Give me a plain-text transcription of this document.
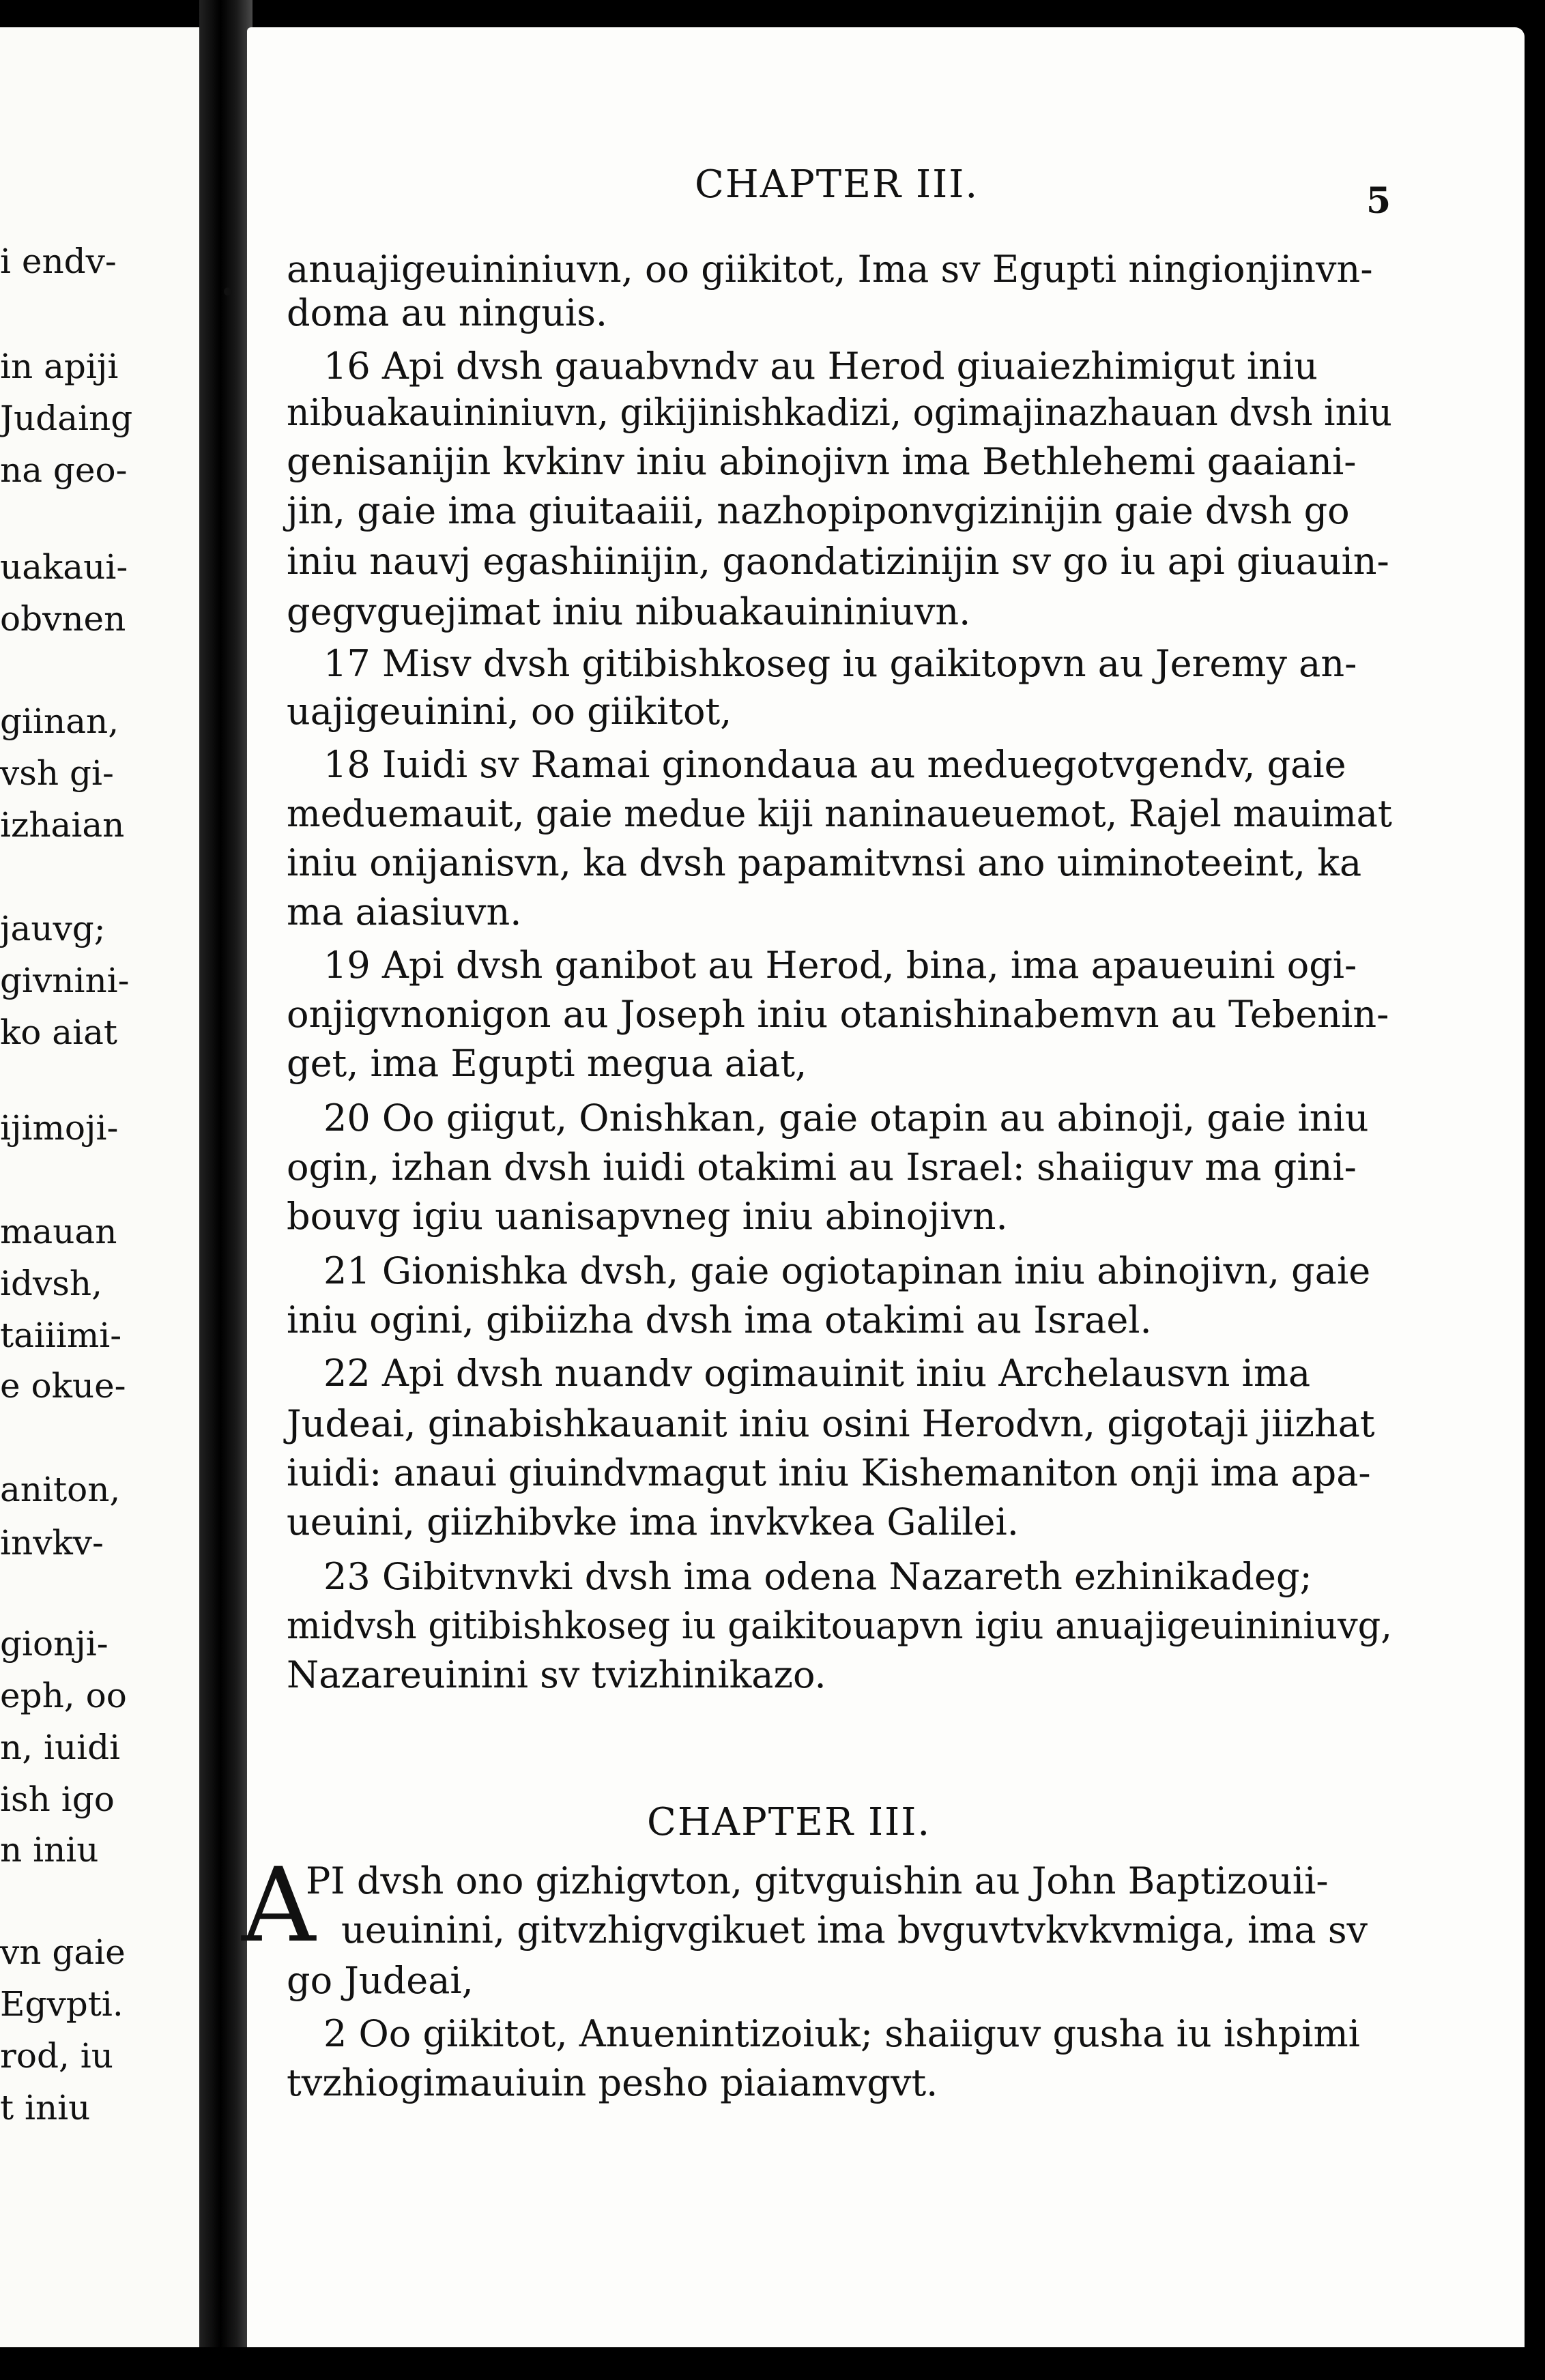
i endv-
in apiji
Judaing
na geo-
uakaui-
obvnen
giinan,
vsh gi-
izhaian
jauvg;
givnini-
ko aiat
ijimoji-
mauan
idvsh,
taiiimi-
e okue-
aniton,
invkv-
gionji-
eph, oo
n, iuidi
ish igo
n iniu
vn gaie
Egvpti.
rod, iu
t iniu
CHAPTER III.	5
•
anuajigeuininiuvn, oo giikitot, Ima sv Egupti ningionjinvn-
doma au ninguis.
16 Api dvsh gauabvndv au Herod giuaiezhimigut iniu
nibuakauininiuvn, gikijinishkadizi, ogimajinazhauan dvsh iniu
genisanijin kvkinv iniu abinojivn ima Bethlehemi gaaiani-
jin, gaie ima giuitaaiii, nazhopiponvgizinijin gaie dvsh go
iniu nauvj egashiinijin, gaondatizinijin sv go iu api giuauin-
gegvguejimat iniu nibuakauininiuvn.
17 Misv dvsh gitibishkoseg iu gaikitopvn au Jeremy an-
uajigeuinini, oo giikitot,
18 Iuidi sv Ramai ginondaua au meduegotvgendv, gaie
meduemauit, gaie medue kiji naninaueuemot, Rajel mauimat
iniu onijanisvn, ka dvsh papamitvnsi ano uiminoteeint, ka
ma aiasiuvn.
19 Api dvsh ganibot au Herod, bina, ima apaueuini ogi-
onjigvnonigon au Joseph iniu otanishinabemvn au Tebenin-
get, ima Egupti megua aiat,
20 Oo giigut, Onishkan, gaie otapin au abinoji, gaie iniu
ogin, izhan dvsh iuidi otakimi au Israel: shaiiguv ma gini-
bouvg igiu uanisapvneg iniu abinojivn.
21 Gionishka dvsh, gaie ogiotapinan iniu abinojivn, gaie
iniu ogini, gibiizha dvsh ima otakimi au Israel.
22 Api dvsh nuandv ogimauinit iniu Archelausvn ima
Judeai, ginabishkauanit iniu osini Herodvn, gigotaji jiizhat
iuidi: anaui giuindvmagut iniu Kishemaniton onji ima apa-
ueuini, giizhibvke ima invkvkea Galilei.
23 Gibitvnvki dvsh ima odena Nazareth ezhinikadeg;
midvsh gitibishkoseg iu gaikitouapvn igiu anuajigeuininiuvg,
Nazareuinini sv tvizhinikazo.
CHAPTER III.
A
PI dvsh ono gizhigvton, gitvguishin au John Baptizouii-
ueuinini, gitvzhigvgikuet ima bvguvtvkvkvmiga, ima sv
go Judeai,
2 Oo giikitot, Anuenintizoiuk; shaiiguv gusha iu ishpimi
tvzhiogimauiuin pesho piaiamvgvt.
